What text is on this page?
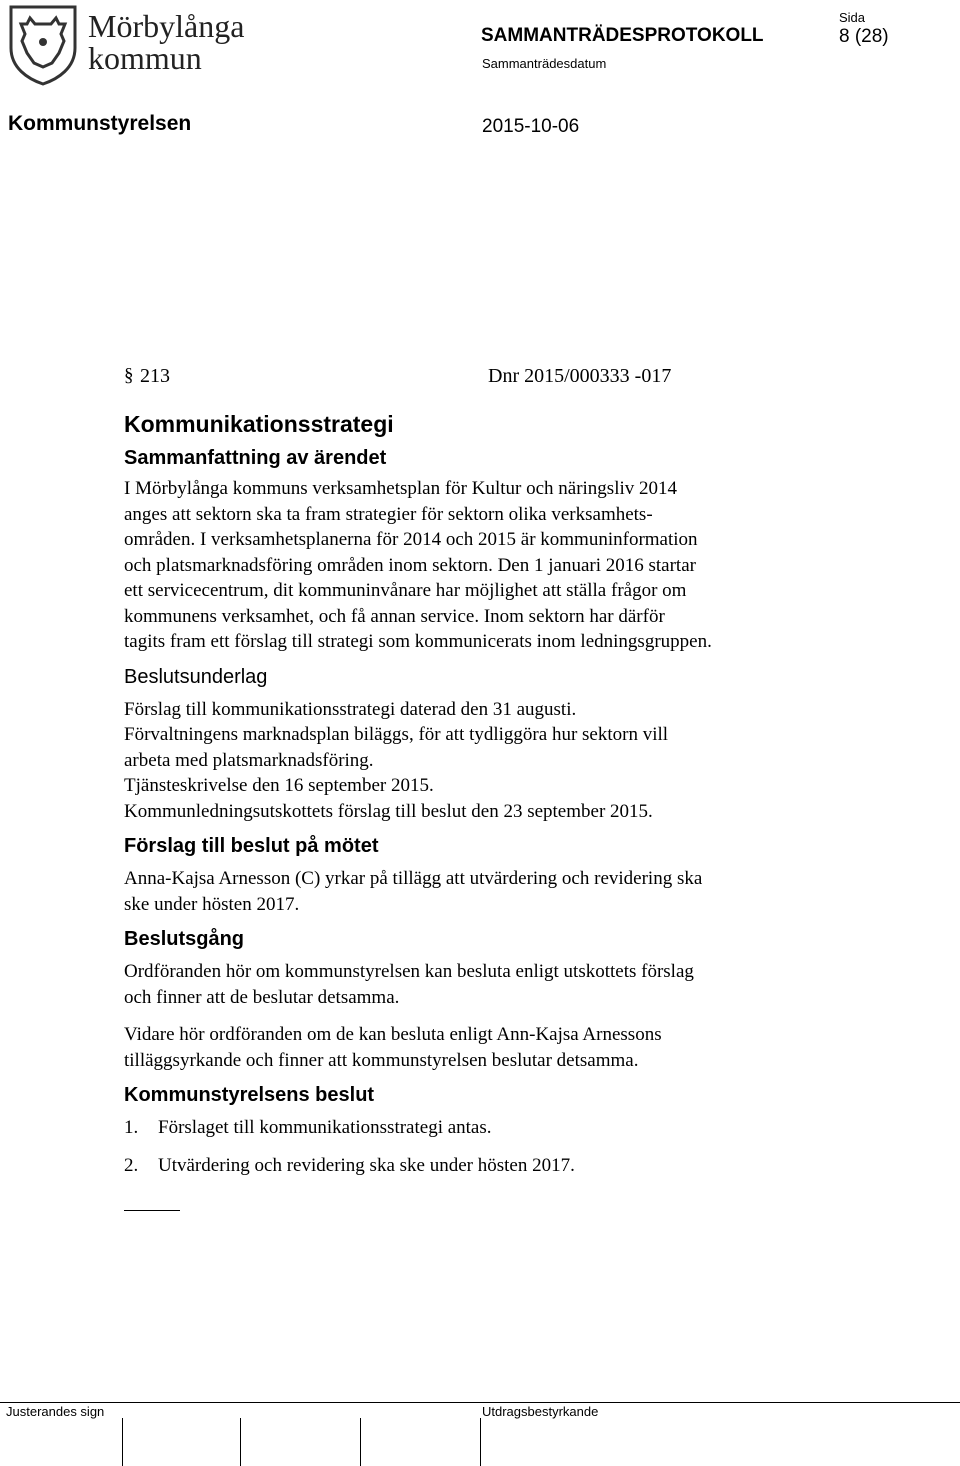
Mörbylånga
kommun
SAMMANTRÄDESPROTOKOLL
Sammanträdesdatum
Sida
8 (28)
Kommunstyrelsen	2015-10-06
§ 213	Dnr 2015/000333 -017

Kommunikationsstrategi

Sammanfattning av ärendet

I Mörbylånga kommuns verksamhetsplan för Kultur och näringsliv 2014

anges att sektorn ska ta fram strategier för sektorn olika verksamhets-

områden. I verksamhetsplanerna för 2014 och 2015 är kommuninformation

och platsmarknadsföring områden inom sektorn. Den 1 januari 2016 startar

ett servicecentrum, dit kommuninvånare har möjlighet att ställa frågor om

kommunens verksamhet, och få annan service. Inom sektorn har därför

tagits fram ett förslag till strategi som kommunicerats inom ledningsgruppen.

Beslutsunderlag

Förslag till kommunikationsstrategi daterad den 31 augusti.

Förvaltningens marknadsplan biläggs, för att tydliggöra hur sektorn vill

arbeta med platsmarknadsföring.

Tjänsteskrivelse den 16 september 2015.

Kommunledningsutskottets förslag till beslut den 23 september 2015.

Förslag till beslut på mötet

Anna-Kajsa Arnesson (C) yrkar på tillägg att utvärdering och revidering ska

ske under hösten 2017.

Beslutsgång

Ordföranden hör om kommunstyrelsen kan besluta enligt utskottets förslag

och finner att de beslutar detsamma.

Vidare hör ordföranden om de kan besluta enligt Ann-Kajsa Arnessons

tilläggsyrkande och finner att kommunstyrelsen beslutar detsamma.

Kommunstyrelsens beslut

1.	Förslaget till kommunikationsstrategi antas.
2.	Utvärdering och revidering ska ske under hösten 2017.
Justerandes sign	Utdragsbestyrkande
